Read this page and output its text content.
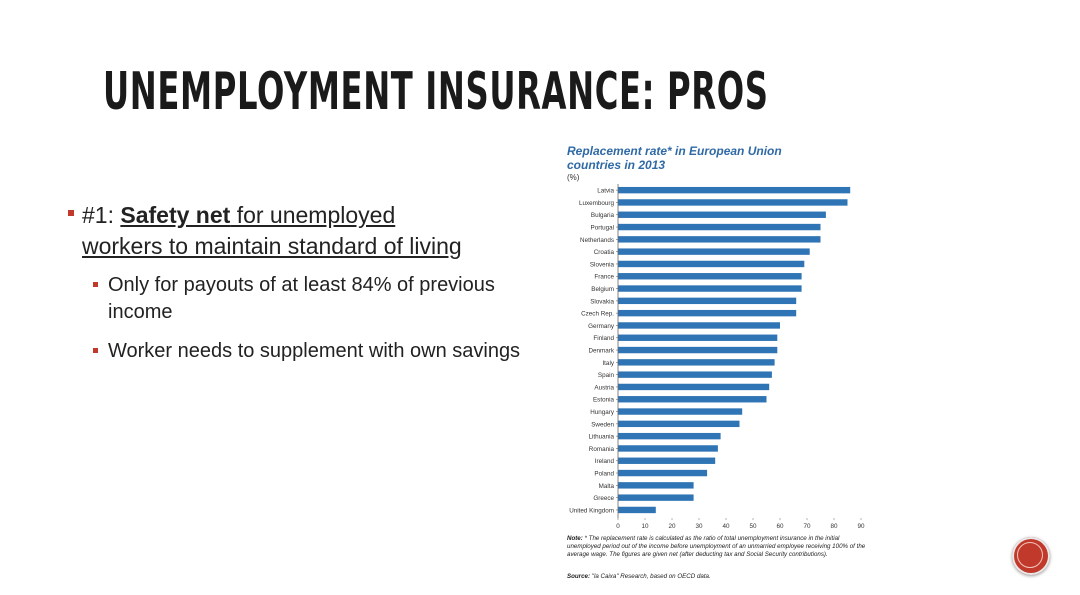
UNEMPLOYMENT INSURANCE: PROS
#1: Safety net for unemployed
workers to maintain standard of living
Only for payouts of at least 84% of previous income
Worker needs to supplement with own savings
Replacement rate* in European Union countries in 2013
(%)
Latvia
Luxembourg
Bulgaria
Portugal
Netherlands
Croatia
Slovenia
France
Belgium
Slovakia
Czech Rep.
Germany
Finland
Denmark
Italy
Spain
Austria
Estonia
Hungary
Sweden
Lithuania
Romania
Ireland
Poland
Malta
Greece
United Kingdom
0	10	20	30	40	50	60	70	80	90
Note: * The replacement rate is calculated as the ratio of total unemployment insurance in the initial unemployed period out of the income before unemployment of an unmarried employee receiving 100% of the average wage. The figures are given net (after deducting tax and Social Security contributions).
Source: "la Caixa" Research, based on OECD data.
